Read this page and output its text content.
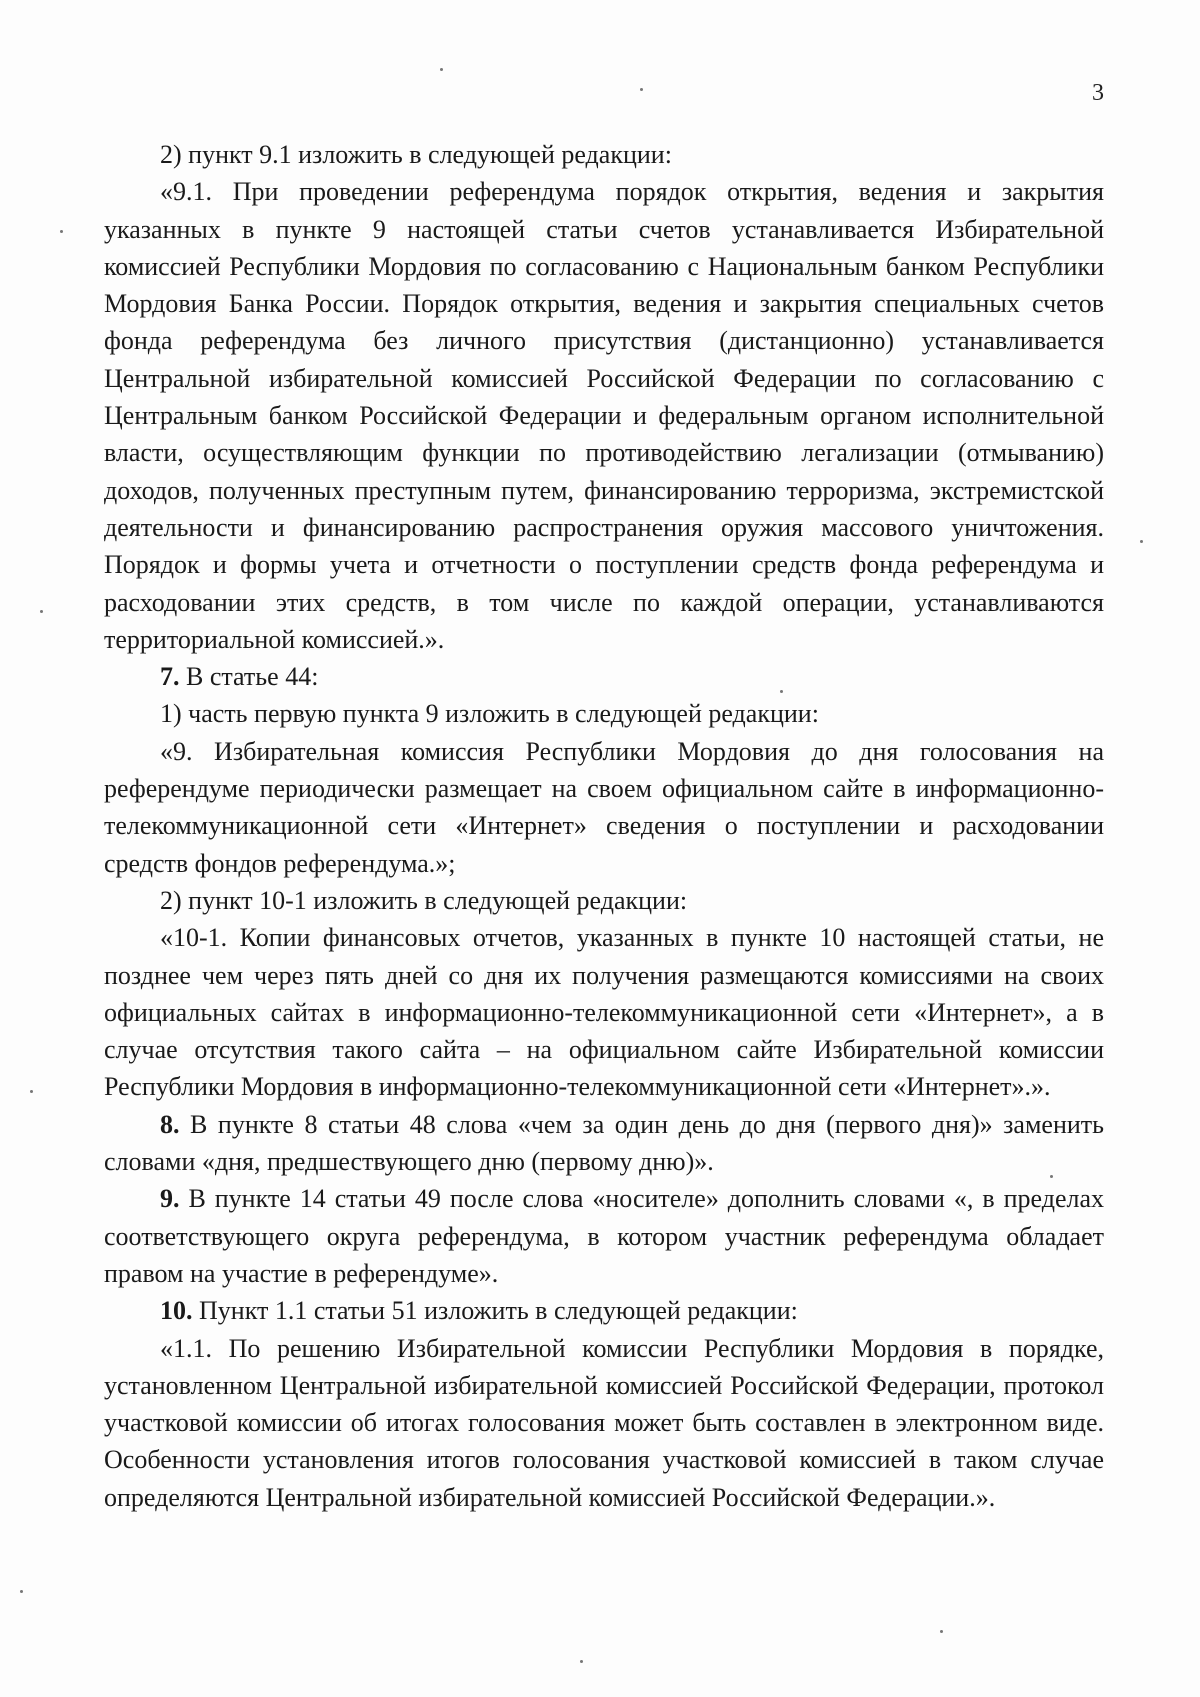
3

2) пункт 9.1 изложить в следующей редакции:

«9.1. При проведении референдума порядок открытия, ведения и закрытия указанных в пункте 9 настоящей статьи счетов устанавливается Избирательной комиссией Республики Мордовия по согласованию с Национальным банком Республики Мордовия Банка России. Порядок открытия, ведения и закрытия специальных счетов фонда референдума без личного присутствия (дистанционно) устанавливается Центральной избирательной комиссией Российской Федерации по согласованию с Центральным банком Российской Федерации и федеральным органом исполнительной власти, осуществляющим функции по противодействию легализации (отмыванию) доходов, полученных преступным путем, финансированию терроризма, экстремистской деятельности и финансированию распространения оружия массового уничтожения. Порядок и формы учета и отчетности о поступлении средств фонда референдума и расходовании этих средств, в том числе по каждой операции, устанавливаются территориальной комиссией.».

7. В статье 44:

1) часть первую пункта 9 изложить в следующей редакции:

«9. Избирательная комиссия Республики Мордовия до дня голосования на референдуме периодически размещает на своем официальном сайте в информационно-телекоммуникационной сети «Интернет» сведения о поступлении и расходовании средств фондов референдума.»;

2) пункт 10-1 изложить в следующей редакции:

«10-1. Копии финансовых отчетов, указанных в пункте 10 настоящей статьи, не позднее чем через пять дней со дня их получения размещаются комиссиями на своих официальных сайтах в информационно-телекоммуникационной сети «Интернет», а в случае отсутствия такого сайта – на официальном сайте Избирательной комиссии Республики Мордовия в информационно-телекоммуникационной сети «Интернет».».

8. В пункте 8 статьи 48 слова «чем за один день до дня (первого дня)» заменить словами «дня, предшествующего дню (первому дню)».

9. В пункте 14 статьи 49 после слова «носителе» дополнить словами «, в пределах соответствующего округа референдума, в котором участник референдума обладает правом на участие в референдуме».

10. Пункт 1.1 статьи 51 изложить в следующей редакции:

«1.1. По решению Избирательной комиссии Республики Мордовия в порядке, установленном Центральной избирательной комиссией Российской Федерации, протокол участковой комиссии об итогах голосования может быть составлен в электронном виде. Особенности установления итогов голосования участковой комиссией в таком случае определяются Центральной избирательной комиссией Российской Федерации.».
